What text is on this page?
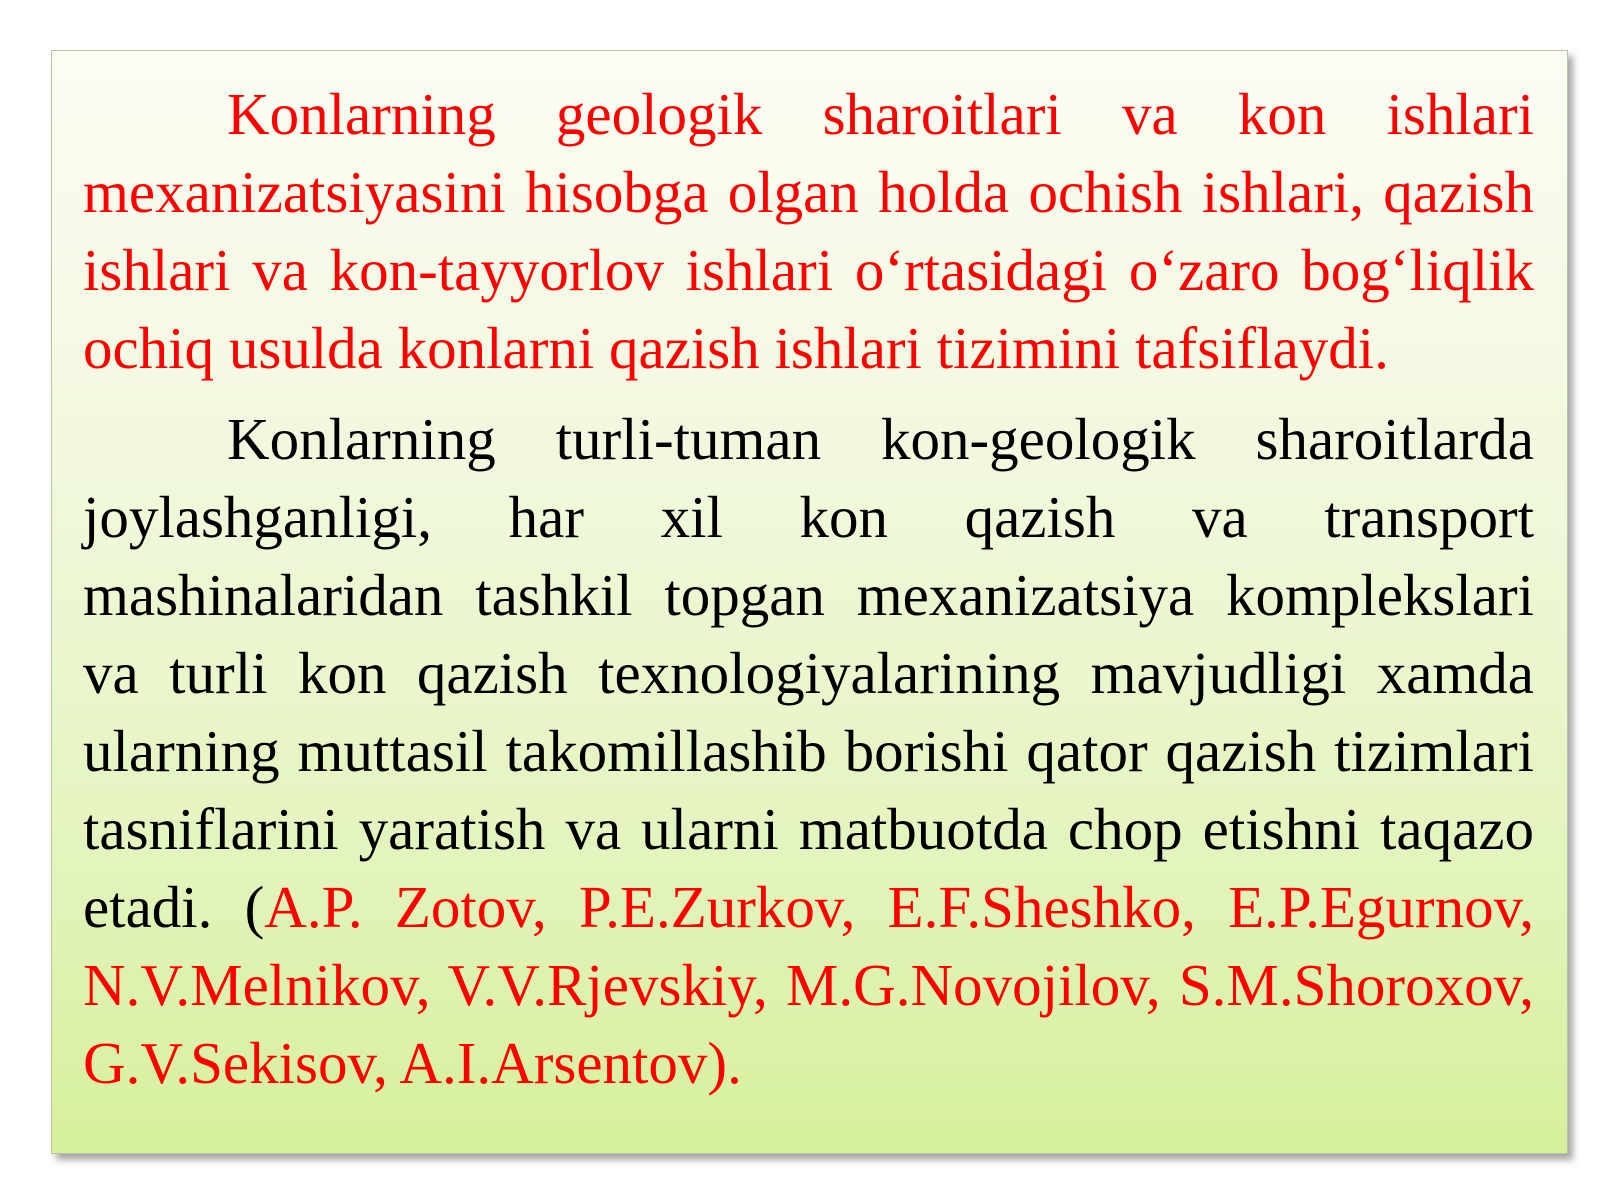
Konlarning geologik sharoitlari va kon ishlari mexanizatsiyasini hisobga olgan holda ochish ishlari, qazish ishlari va kon-tayyorlov ishlari o‘rtasidagi o‘zaro bog‘liqlik ochiq usulda konlarni qazish ishlari tizimini tafsiflaydi.

Konlarning turli-tuman kon-geologik sharoitlarda joylashganligi, har xil kon qazish va transport mashinalaridan tashkil topgan mexanizatsiya komplekslari va turli kon qazish texnologiyalarining mavjudligi xamda ularning muttasil takomillashib borishi qator qazish tizimlari tasniflarini yaratish va ularni matbuotda chop etishni taqazo etadi. (A.P. Zotov, P.E.Zurkov, E.F.Sheshko, E.P.Egurnov, N.V.Melnikov, V.V.Rjevskiy, M.G.Novojilov, S.M.Shoroxov, G.V.Sekisov, A.I.Arsentov).
